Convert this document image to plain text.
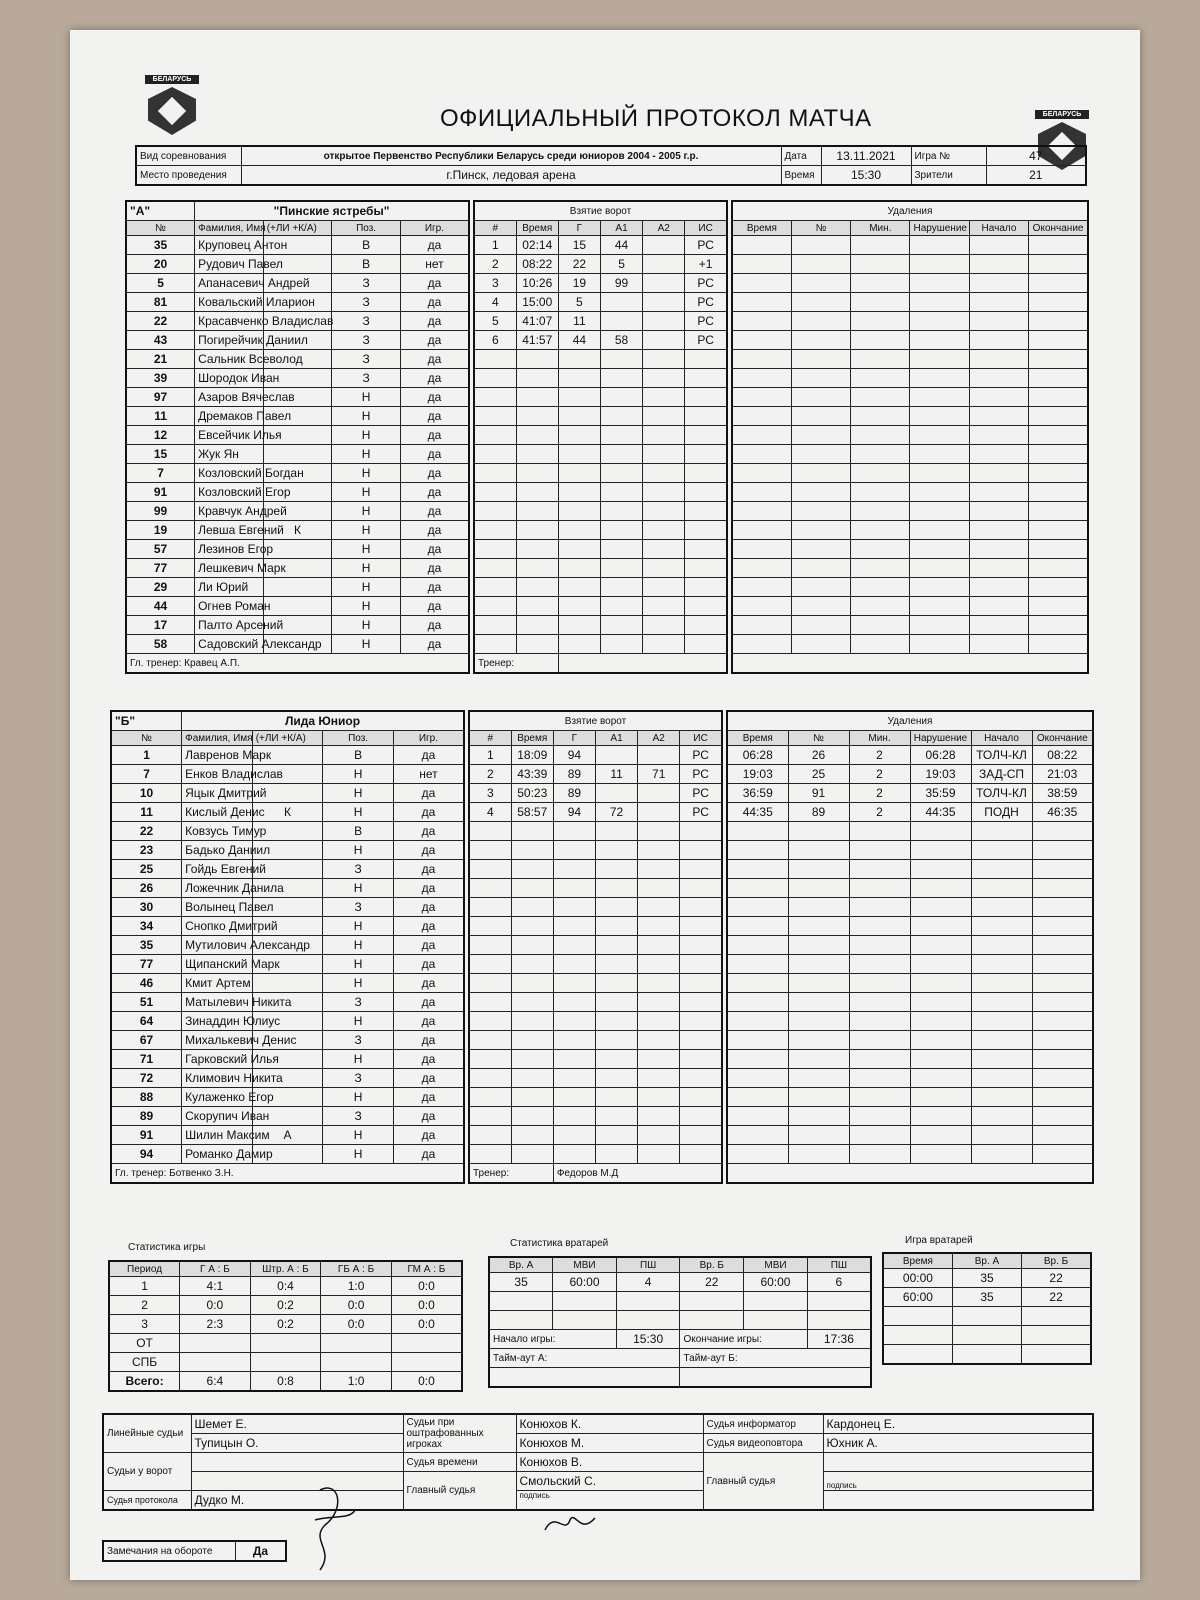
БЕЛАРУСЬ
БЕЛАРУСЬ
ОФИЦИАЛЬНЫЙ ПРОТОКОЛ МАТЧА
Вид соревнования	открытое Первенство Республики Беларусь среди юниоров 2004 - 2005 г.р.	Дата	13.11.2021	Игра №	47
Место проведения	г.Пинск, ледовая арена	Время	15:30	Зрители	21
"А"	"Пинские ястребы"			
№	Фамилия, Имя	(+ЛИ +К/А)	Поз.	Игр.
35	Круповец Антон		В	да
20	Рудович Павел		В	нет
5	Апанасевич Андрей		З	да
81	Ковальский Иларион		З	да
22	Красавченко Владислав		З	да
43	Погирейчик Даниил		З	да
21	Сальник Всеволод		З	да
39	Шородок Иван		З	да
97	Азаров Вячеслав		Н	да
11	Дремаков Павел		Н	да
12	Евсейчик Илья		Н	да
15	Жук Ян		Н	да
7	Козловский Богдан		Н	да
91	Козловский Егор		Н	да
99	Кравчук Андрей		Н	да
19	Левша Евгений	К	Н	да
57	Лезинов Егор		Н	да
77	Лешкевич Марк		Н	да
29	Ли Юрий		Н	да
44	Огнев Роман		Н	да
17	Палто Арсений		Н	да
58	Садовский Александр		Н	да
Гл. тренер: Кравец А.П.				
Взятие ворот					
#	Время	Г	А1	А2	ИС
1	02:14	15	44		РС
2	08:22	22	5		+1
3	10:26	19	99		РС
4	15:00	5			РС
5	41:07	11			РС
6	41:57	44	58		РС

Тренер:					
Удаления					
Время	№	Мин.	Нарушение	Начало	Окончание

"Б"	Лида Юниор			
№	Фамилия, Имя	(+ЛИ +К/А)	Поз.	Игр.
1	Лавренов Марк		В	да
7	Енков Владислав		Н	нет
10	Яцык Дмитрий		Н	да
11	Кислый Денис	К	Н	да
22	Ковзусь Тимур		В	да
23	Бадько Даниил		Н	да
25	Гойдь Евгений		З	да
26	Ложечник Данила		Н	да
30	Волынец Павел		З	да
34	Снопко Дмитрий		Н	да
35	Мутилович Александр		Н	да
77	Щипанский Марк		Н	да
46	Кмит Артем		Н	да
51	Матылевич Никита		З	да
64	Зинаддин Юлиус		Н	да
67	Михалькевич Денис		З	да
71	Гарковский Илья		Н	да
72	Климович Никита		З	да
88	Кулаженко Егор		Н	да
89	Скорупич Иван		З	да
91	Шилин Максим	А	Н	да
94	Романко Дамир		Н	да
Гл. тренер: Ботвенко З.Н.				
Взятие ворот					
#	Время	Г	А1	А2	ИС
1	18:09	94			РС
2	43:39	89	11	71	РС
3	50:23	89			РС
4	58:57	94	72		РС

Тренер:		Федоров М.Д			
Удаления					
Время	№	Мин.	Нарушение	Начало	Окончание
06:28	26	2	06:28	ТОЛЧ-КЛ	08:22
19:03	25	2	19:03	ЗАД-СП	21:03
36:59	91	2	35:59	ТОЛЧ-КЛ	38:59
44:35	89	2	44:35	ПОДН	46:35

Статистика игры
Период	Г А : Б	Штр. А : Б	ГБ А : Б	ГМ А : Б
1	4:1	0:4	1:0	0:0
2	0:0	0:2	0:0	0:0
3	2:3	0:2	0:0	0:0
ОТ				
СПБ				
Всего:	6:4	0:8	1:0	0:0
Статистика вратарей
Вр. А	МВИ	ПШ	Вр. Б	МВИ	ПШ
35	60:00	4	22	60:00	6

Начало игры:		15:30	Окончание игры:		17:36
Тайм-аут А:			Тайм-аут Б:		

Игра вратарей
Время	Вр. А	Вр. Б
00:00	35	22
60:00	35	22

Линейные судьи	Шемет Е.	Судьи при оштрафованных игроках	Конюхов К.	Судья информатор	Кардонец Е.
	Тупицын О.		Конюхов М.	Судья видеоповтора	Юхник А.
Судьи у ворот		Судья времени	Конюхов В.	Главный судья	
		Главный судья	Смольский С.		подпись
Судья протокола	Дудко М.		подпись		
Замечания на обороте	Да
